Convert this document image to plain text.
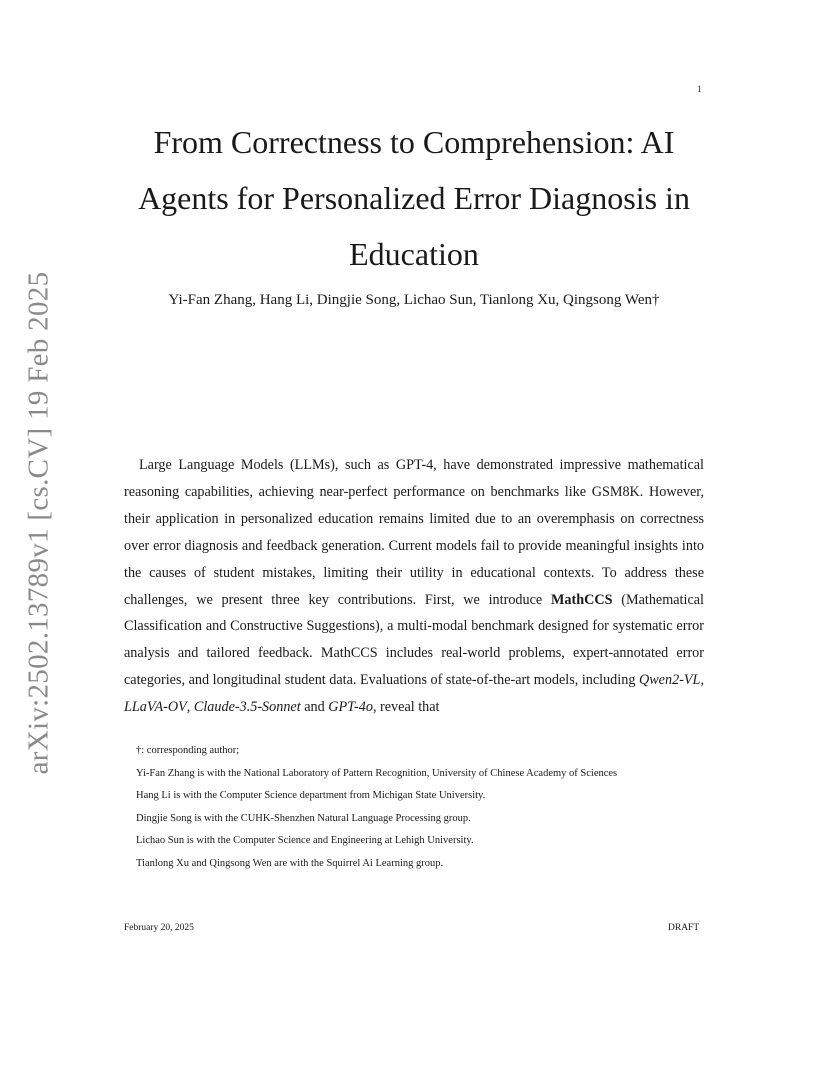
1
arXiv:2502.13789v1 [cs.CV] 19 Feb 2025
From Correctness to Comprehension: AI
Agents for Personalized Error Diagnosis in
Education
Yi-Fan Zhang, Hang Li, Dingjie Song, Lichao Sun, Tianlong Xu, Qingsong Wen†

Large Language Models (LLMs), such as GPT-4, have demonstrated impressive mathematical reasoning capabilities, achieving near-perfect performance on benchmarks like GSM8K. However, their application in personalized education remains limited due to an overemphasis on correctness over error diagnosis and feedback generation. Current models fail to provide meaningful insights into the causes of student mistakes, limiting their utility in educational contexts. To address these challenges, we present three key contributions. First, we introduce MathCCS (Mathematical Classification and Constructive Suggestions), a multi-modal benchmark designed for systematic error analysis and tailored feedback. MathCCS includes real-world problems, expert-annotated error categories, and longitudinal student data. Evaluations of state-of-the-art models, including Qwen2-VL, LLaVA-OV, Claude-3.5-Sonnet and GPT-4o, reveal that

†: corresponding author;
Yi-Fan Zhang is with the National Laboratory of Pattern Recognition, University of Chinese Academy of Sciences
Hang Li is with the Computer Science department from Michigan State University.
Dingjie Song is with the CUHK-Shenzhen Natural Language Processing group.
Lichao Sun is with the Computer Science and Engineering at Lehigh University.
Tianlong Xu and Qingsong Wen are with the Squirrel Ai Learning group.
February 20, 2025	DRAFT
